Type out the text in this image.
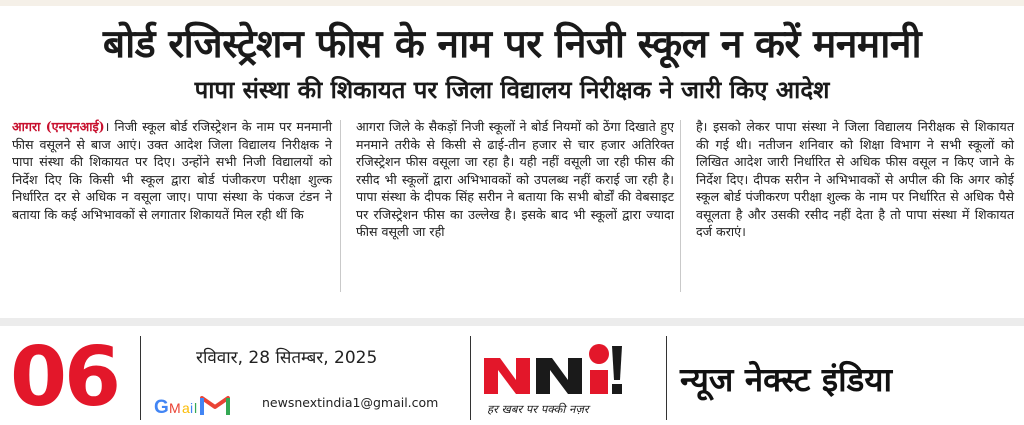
बोर्ड रजिस्ट्रेशन फीस के नाम पर निजी स्कूल न करें मनमानी
पापा संस्था की शिकायत पर जिला विद्यालय निरीक्षक ने जारी किए आदेश
आगरा (एनएनआई)। निजी स्कूल बोर्ड रजिस्ट्रेशन के नाम पर मनमानी फीस वसूलने से बाज आएं। उक्त आदेश जिला विद्यालय निरीक्षक ने पापा संस्था की शिकायत पर दिए। उन्होंने सभी निजी विद्यालयों को निर्देश दिए कि किसी भी स्कूल द्वारा बोर्ड पंजीकरण परीक्षा शुल्क निर्धारित दर से अधिक न वसूला जाए। पापा संस्था के पंकज टंडन ने बताया कि कई अभिभावकों से लगातार शिकायतें मिल रही थीं कि
आगरा जिले के सैकड़ों निजी स्कूलों ने बोर्ड नियमों को ठेंगा दिखाते हुए मनमाने तरीके से किसी से ढाई-तीन हजार से चार हजार अतिरिक्त रजिस्ट्रेशन फीस वसूला जा रहा है। यही नहीं वसूली जा रही फीस की रसीद भी स्कूलों द्वारा अभिभावकों को उपलब्ध नहीं कराई जा रही है। पापा संस्था के दीपक सिंह सरीन ने बताया कि सभी बोर्डों की वेबसाइट पर रजिस्ट्रेशन फीस का उल्लेख है। इसके बाद भी स्कूलों द्वारा ज्यादा फीस वसूली जा रही
है। इसको लेकर पापा संस्था ने जिला विद्यालय निरीक्षक से शिकायत की गई थी। नतीजन शनिवार को शिक्षा विभाग ने सभी स्कूलों को लिखित आदेश जारी निर्धारित से अधिक फीस वसूल न किए जाने के निर्देश दिए। दीपक सरीन ने अभिभावकों से अपील की कि अगर कोई स्कूल बोर्ड पंजीकरण परीक्षा शुल्क के नाम पर निर्धारित से अधिक पैसे वसूलता है और उसकी रसीद नहीं देता है तो पापा संस्था में शिकायत दर्ज कराएं।
06	रविवार, 28 सितम्बर, 2025
G M a i l	newsnextindia1@gmail.com	हर खबर पर पक्की नज़र
न्यूज नेक्स्ट इंडिया
